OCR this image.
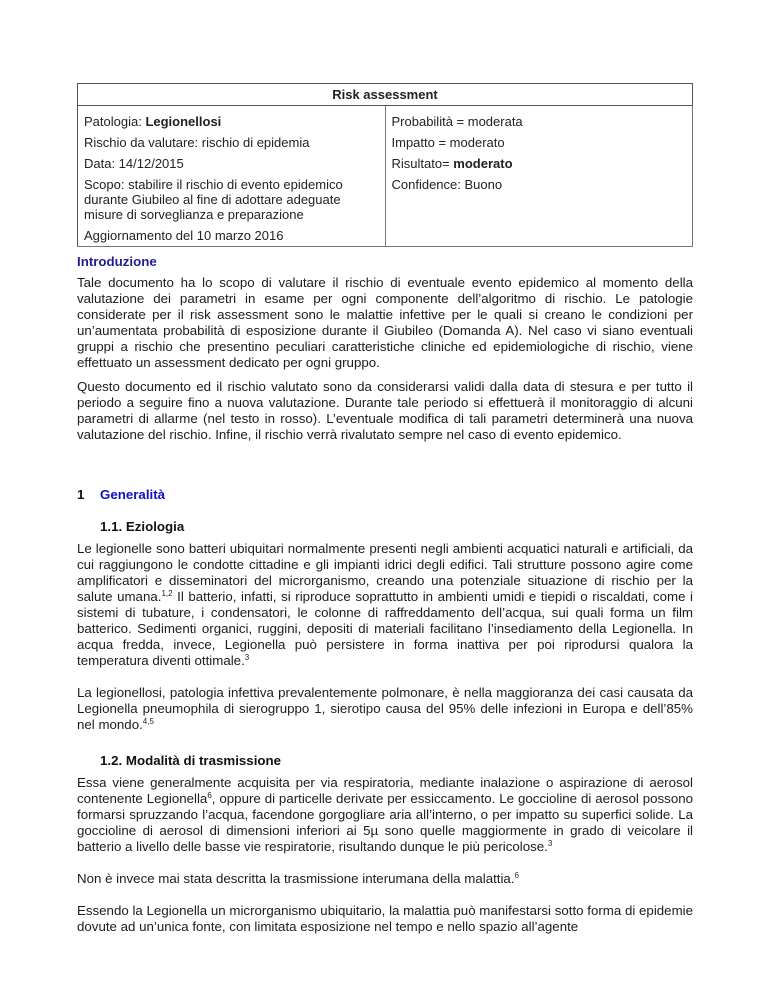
Risk assessment

Patologia: Legionellosi
Rischio da valutare: rischio di epidemia
Data: 14/12/2015
Scopo: stabilire il rischio di evento epidemico durante Giubileo al fine di adottare adeguate misure di sorveglianza e preparazione
Aggiornamento del 10 marzo 2016

Probabilità = moderata
Impatto = moderato
Risultato= moderato
Confidence: Buono
Introduzione

Tale documento ha lo scopo di valutare il rischio di eventuale evento epidemico al momento della valutazione dei parametri in esame per ogni componente dell’algoritmo di rischio. Le patologie considerate per il risk assessment sono le malattie infettive per le quali si creano le condizioni per un’aumentata probabilità di esposizione durante il Giubileo (Domanda A). Nel caso vi siano eventuali gruppi a rischio che presentino peculiari caratteristiche cliniche ed epidemiologiche di rischio, viene effettuato un assessment dedicato per ogni gruppo.

Questo documento ed il rischio valutato sono da considerarsi validi dalla data di stesura e per tutto il periodo a seguire fino a nuova valutazione. Durante tale periodo si effettuerà il monitoraggio di alcuni parametri di allarme (nel testo in rosso). L’eventuale modifica di tali parametri determinerà una nuova valutazione del rischio. Infine, il rischio verrà rivalutato sempre nel caso di evento epidemico.

1 Generalità
1.1. Eziologia

Le legionelle sono batteri ubiquitari normalmente presenti negli ambienti acquatici naturali e artificiali, da cui raggiungono le condotte cittadine e gli impianti idrici degli edifici. Tali strutture possono agire come amplificatori e disseminatori del microrganismo, creando una potenziale situazione di rischio per la salute umana.$^{1,2}$ Il batterio, infatti, si riproduce soprattutto in ambienti umidi e tiepidi o riscaldati, come i sistemi di tubature, i condensatori, le colonne di raffreddamento dell’acqua, sui quali forma un film batterico. Sedimenti organici, ruggini, depositi di materiali facilitano l’insediamento della Legionella. In acqua fredda, invece, Legionella può persistere in forma inattiva per poi riprodursi qualora la temperatura diventi ottimale.$^3$

La legionellosi, patologia infettiva prevalentemente polmonare, è nella maggioranza dei casi causata da Legionella pneumophila di sierogruppo 1, sierotipo causa del 95% delle infezioni in Europa e dell’85% nel mondo.$^{4,5}$

1.2. Modalità di trasmissione

Essa viene generalmente acquisita per via respiratoria, mediante inalazione o aspirazione di aerosol contenente Legionella$^6$, oppure di particelle derivate per essiccamento. Le goccioline di aerosol possono formarsi spruzzando l’acqua, facendone gorgogliare aria all’interno, o per impatto su superfici solide. La goccioline di aerosol di dimensioni inferiori ai 5µ sono quelle maggiormente in grado di veicolare il batterio a livello delle basse vie respiratorie, risultando dunque le più pericolose.$^3$

Non è invece mai stata descritta la trasmissione interumana della malattia.$^6$

Essendo la Legionella un microrganismo ubiquitario, la malattia può manifestarsi sotto forma di epidemie dovute ad un’unica fonte, con limitata esposizione nel tempo e nello spazio all’agente
